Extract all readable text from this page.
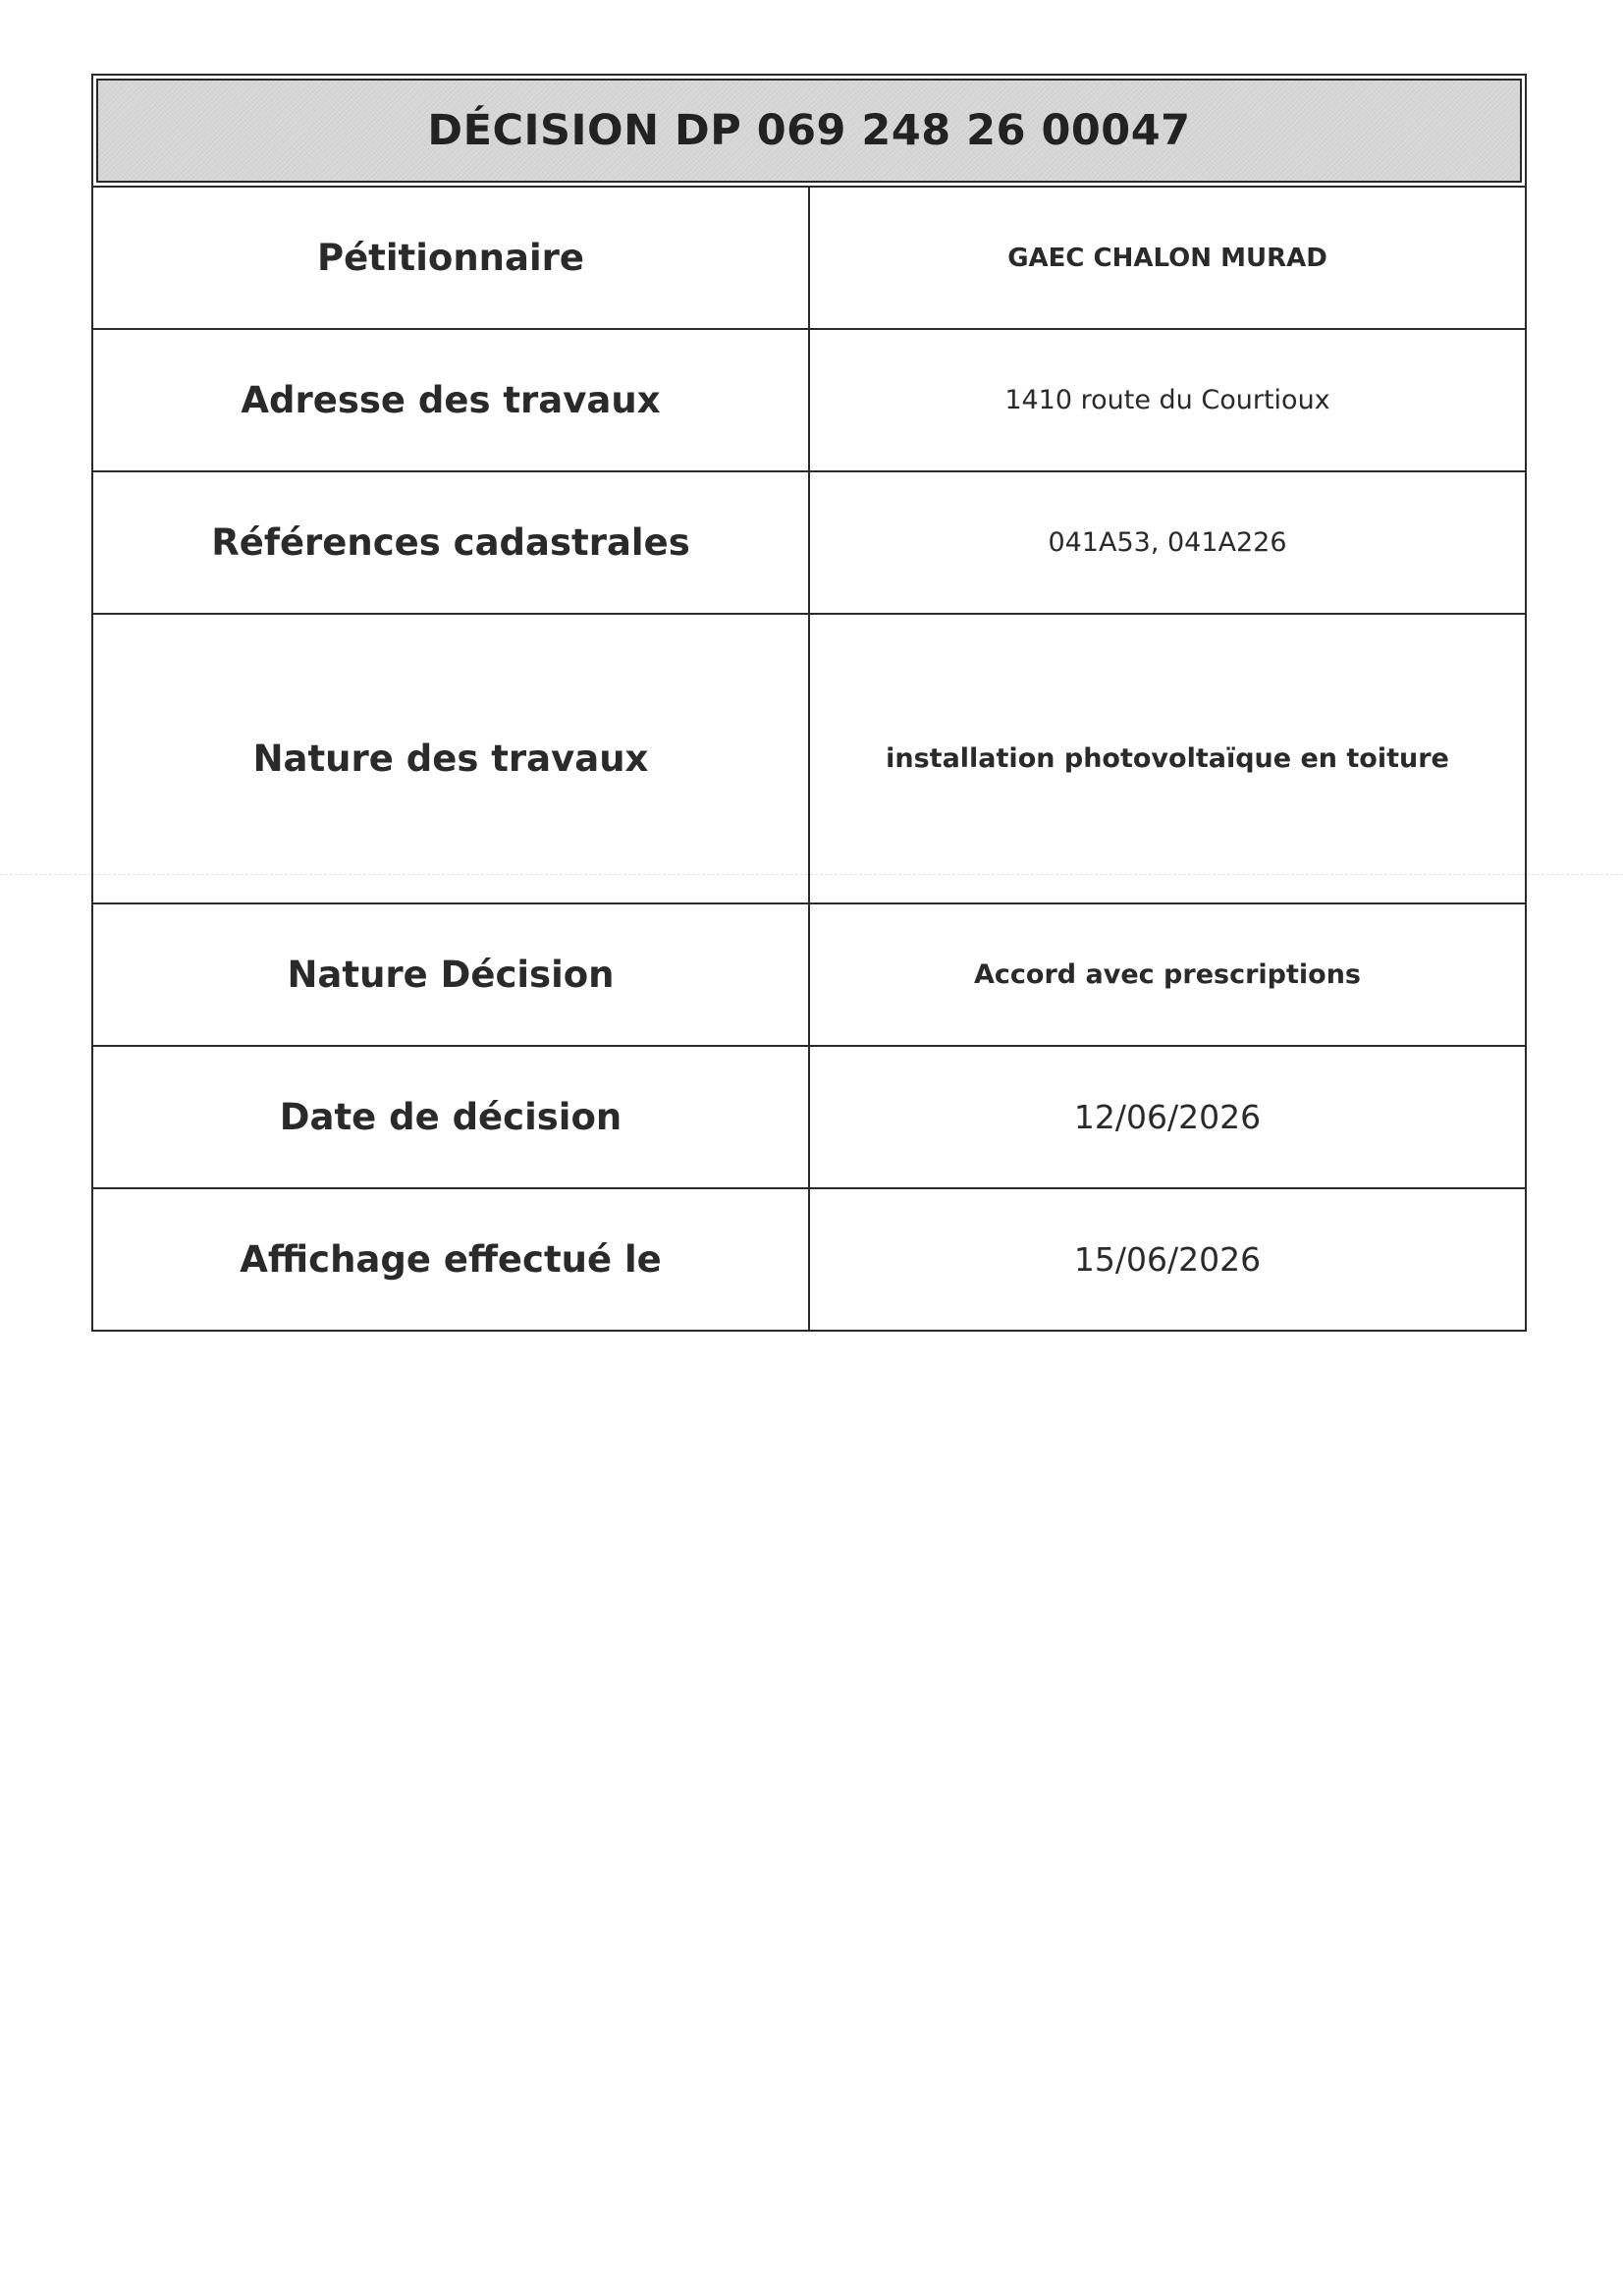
DÉCISION DP 069 248 26 00047	
Pétitionnaire	GAEC CHALON MURAD
Adresse des travaux	1410 route du Courtioux
Références cadastrales	041A53, 041A226
Nature des travaux	installation photovoltaïque en toiture
Nature Décision	Accord avec prescriptions
Date de décision	12/06/2026
Affichage effectué le	15/06/2026
